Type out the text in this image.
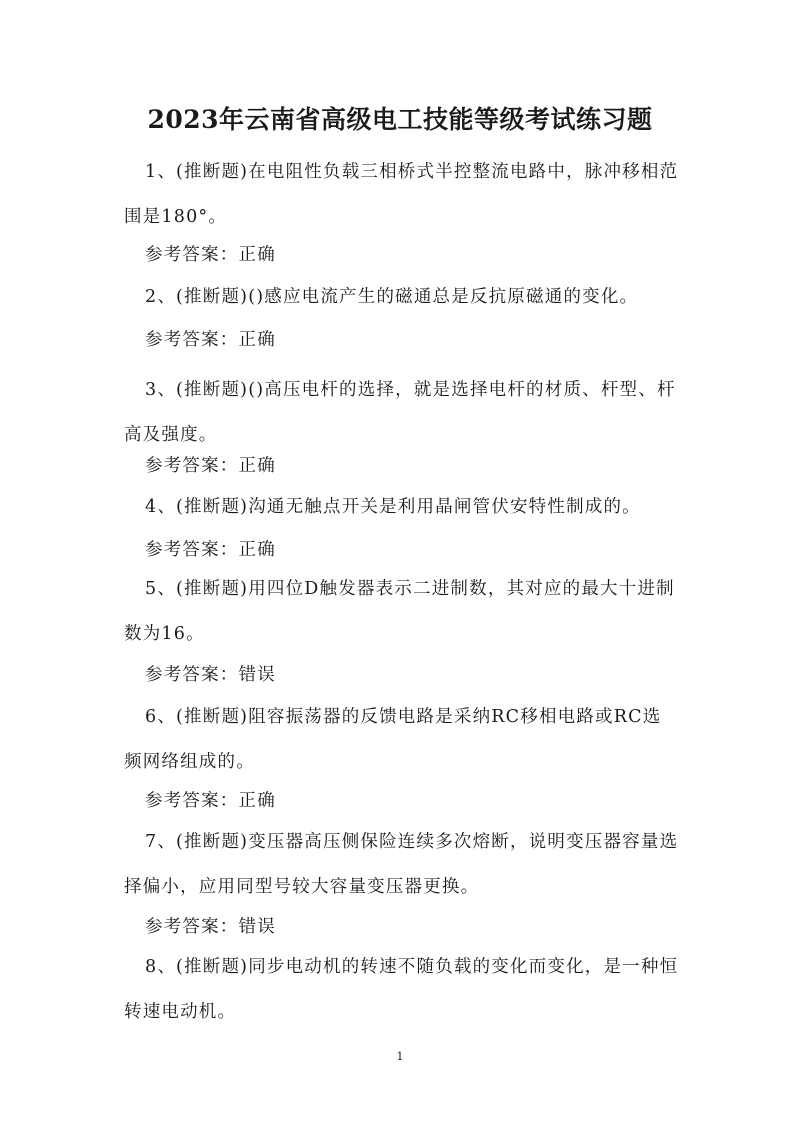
2023年云南省高级电工技能等级考试练习题

1、(推断题)在电阻性负载三相桥式半控整流电路中，脉冲移相范围是180°。

参考答案：正确

2、(推断题)()感应电流产生的磁通总是反抗原磁通的变化。

参考答案：正确

3、(推断题)()高压电杆的选择，就是选择电杆的材质、杆型、杆高及强度。

参考答案：正确

4、(推断题)沟通无触点开关是利用晶闸管伏安特性制成的。

参考答案：正确

5、(推断题)用四位D触发器表示二进制数，其对应的最大十进制数为16。

参考答案：错误

6、(推断题)阻容振荡器的反馈电路是采纳RC移相电路或RC选频网络组成的。

参考答案：正确

7、(推断题)变压器高压侧保险连续多次熔断，说明变压器容量选择偏小，应用同型号较大容量变压器更换。

参考答案：错误

8、(推断题)同步电动机的转速不随负载的变化而变化，是一种恒转速电动机。

1
